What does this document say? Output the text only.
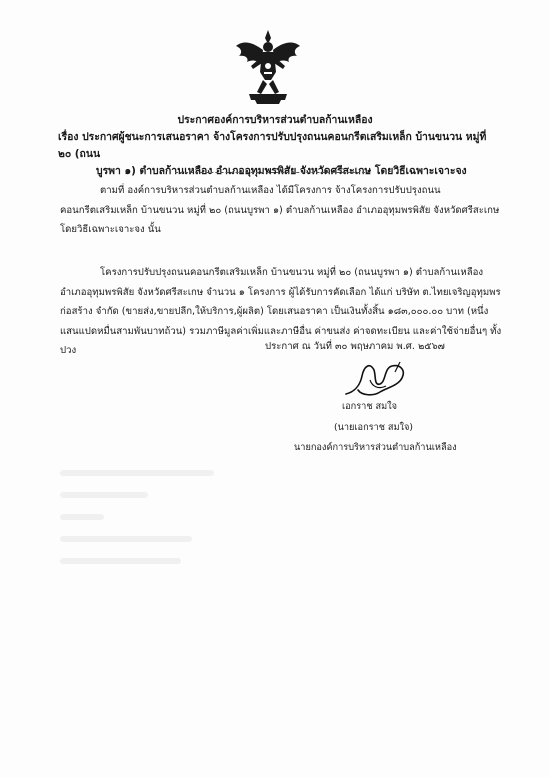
ประกาศองค์การบริหารส่วนตำบลก้านเหลือง
เรื่อง ประกาศผู้ชนะการเสนอราคา จ้างโครงการปรับปรุงถนนคอนกรีตเสริมเหล็ก บ้านขนวน หมู่ที่ ๒๐ (ถนน
บูรพา ๑) ตำบลก้านเหลือง อำเภออุทุมพรพิสัย จังหวัดศรีสะเกษ โดยวิธีเฉพาะเจาะจง
ตามที่ องค์การบริหารส่วนตำบลก้านเหลือง ได้มีโครงการ จ้างโครงการปรับปรุงถนนคอนกรีตเสริมเหล็ก บ้านขนวน หมู่ที่ ๒๐ (ถนนบูรพา ๑) ตำบลก้านเหลือง อำเภออุทุมพรพิสัย จังหวัดศรีสะเกษ โดยวิธีเฉพาะเจาะจง นั้น
โครงการปรับปรุงถนนคอนกรีตเสริมเหล็ก บ้านขนวน หมู่ที่ ๒๐ (ถนนบูรพา ๑) ตำบลก้านเหลือง อำเภออุทุมพรพิสัย จังหวัดศรีสะเกษ จำนวน ๑ โครงการ ผู้ได้รับการคัดเลือก ได้แก่ บริษัท ต.ไทยเจริญอุทุมพรก่อสร้าง จำกัด (ขายส่ง,ขายปลีก,ให้บริการ,ผู้ผลิต) โดยเสนอราคา เป็นเงินทั้งสิ้น ๑๘๓,๐๐๐.๐๐ บาท (หนึ่งแสนแปดหมื่นสามพันบาทถ้วน) รวมภาษีมูลค่าเพิ่มและภาษีอื่น ค่าขนส่ง ค่าจดทะเบียน และค่าใช้จ่ายอื่นๆ ทั้งปวง	ประกาศ ณ วันที่ ๓๐ พฤษภาคม พ.ศ. ๒๕๖๗
เอกราช สมใจ
(นายเอกราช สมใจ)
นายกองค์การบริหารส่วนตำบลก้านเหลือง
